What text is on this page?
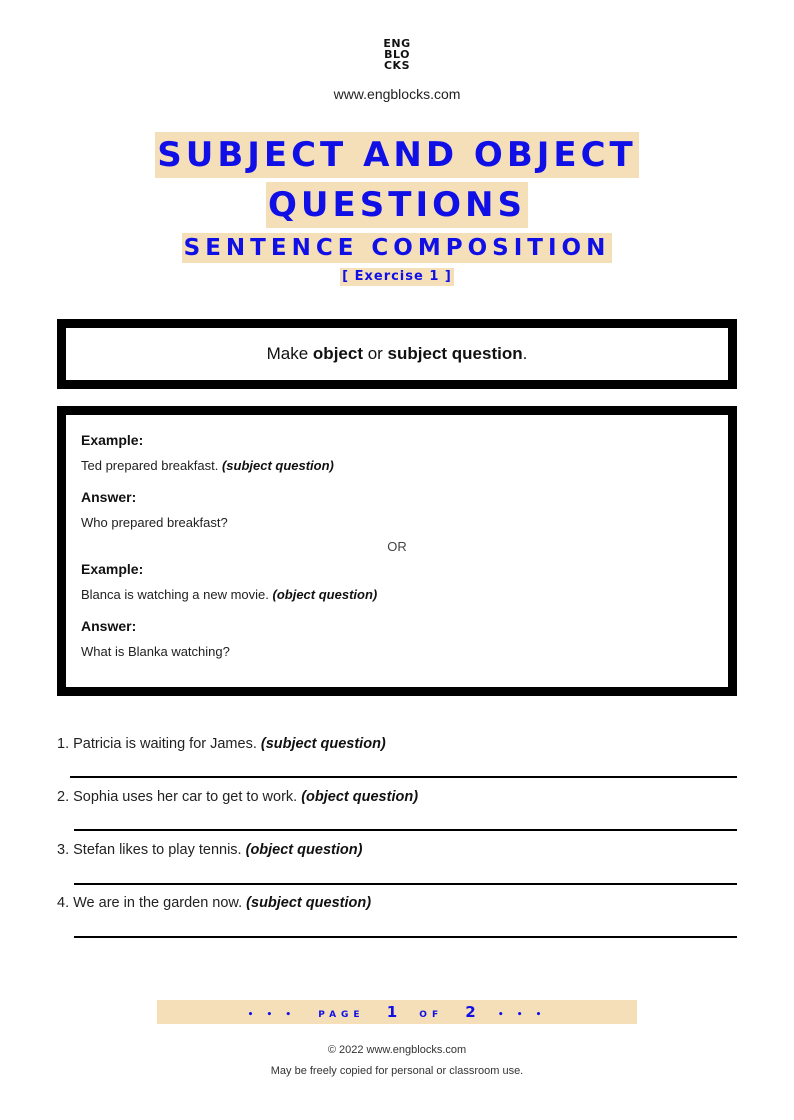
ENG
BLO
CKS
www.engblocks.com
SUBJECT AND OBJECT
QUESTIONS
SENTENCE COMPOSITION
[ Exercise 1 ]
Make object or subject question.
Example:
Ted prepared breakfast. (subject question)
Answer:
Who prepared breakfast?
OR
Example:
Blanca is watching a new movie. (object question)
Answer:
What is Blanka watching?
1. Patricia is waiting for James. (subject question)
2. Sophia uses her car to get to work. (object question)
3. Stefan likes to play tennis. (object question)
4. We are in the garden now. (subject question)
• • • PAGE 1 OF 2 • • •
© 2022 www.engblocks.com
May be freely copied for personal or classroom use.
